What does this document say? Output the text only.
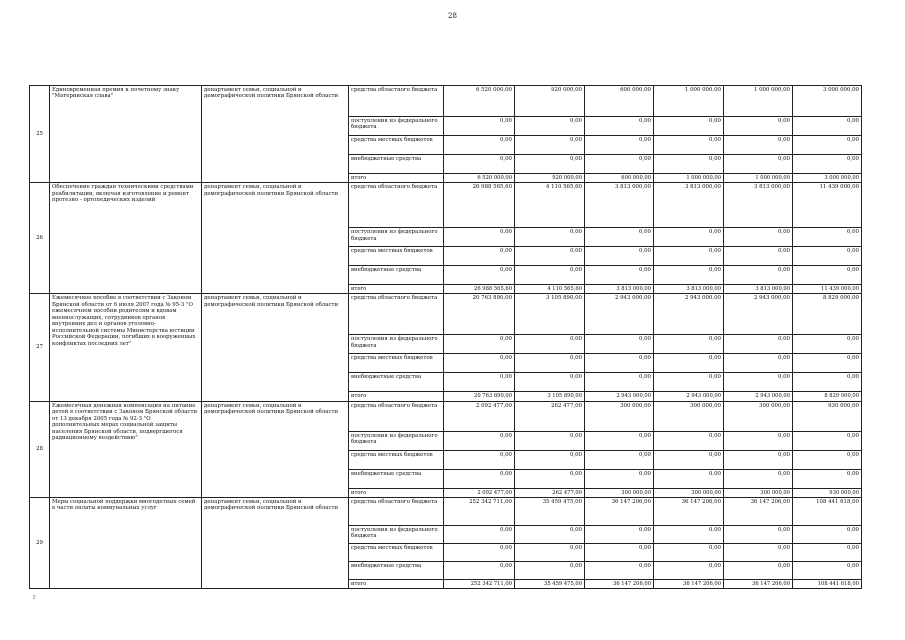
28
25	Единовременная премия к почетному знаку "Материнская слава"	департамент семьи, социальной и демографической политики Брянской области	средства областного бюджета	6 520 000,00	920 000,00	600 000,00	1 000 000,00	1 000 000,00	3 000 000,00
			поступления из федерального бюджета	0,00	0,00	0,00	0,00	0,00	0,00
			средства местных бюджетов	0,00	0,00	0,00	0,00	0,00	0,00
			внебюджетные средства	0,00	0,00	0,00	0,00	0,00	0,00
			итого	6 520 000,00	920 000,00	600 000,00	1 000 000,00	1 000 000,00	3 000 000,00
26	Обеспечение граждан техническими средствами реабилитации, включая изготовление и ремонт протезно - ортопедических изделий	департамент семьи, социальной и демографической политики Брянской области	средства областного бюджета	26 988 565,60	4 110 565,60	3 813 000,00	3 813 000,00	3 813 000,00	11 439 000,00
			поступления из федерального бюджета	0,00	0,00	0,00	0,00	0,00	0,00
			средства местных бюджетов	0,00	0,00	0,00	0,00	0,00	0,00
			внебюджетные средства	0,00	0,00	0,00	0,00	0,00	0,00
			итого	26 988 565,60	4 110 565,60	3 813 000,00	3 813 000,00	3 813 000,00	11 439 000,00
27	Ежемесячное пособие в соответствии с Законом Брянской области от 6 июля 2007 года № 95-З "О ежемесячном пособии родителям и вдовам военнослужащих, сотрудников органов внутренних дел и органов уголовно-исполнительной системы Министерства юстиции Российской Федерации, погибших в вооруженных конфликтах последних лет"	департамент семьи, социальной и демографической политики Брянской области	средства областного бюджета	20 763 890,00	3 105 890,00	2 943 000,00	2 943 000,00	2 943 000,00	8 829 000,00
			поступления из федерального бюджета	0,00	0,00	0,00	0,00	0,00	0,00
			средства местных бюджетов	0,00	0,00	0,00	0,00	0,00	0,00
			внебюджетные средства	0,00	0,00	0,00	0,00	0,00	0,00
			итого	20 763 890,00	3 105 890,00	2 943 000,00	2 943 000,00	2 943 000,00	8 829 000,00
28	Ежемесячная денежная компенсация на питание детей в соответствии с Законом Брянской области от 13 декабря 2005 года № 92-З "О дополнительных мерах социальной защиты населения Брянской области, подвергшегося радиационному воздействию"	департамент семьи, социальной и демографической политики Брянской области	средства областного бюджета	2 092 477,00	262 477,00	300 000,00	300 000,00	300 000,00	930 000,00
			поступления из федерального бюджета	0,00	0,00	0,00	0,00	0,00	0,00
			средства местных бюджетов	0,00	0,00	0,00	0,00	0,00	0,00
			внебюджетные средства	0,00	0,00	0,00	0,00	0,00	0,00
			итого	2 092 477,00	262 477,00	300 000,00	300 000,00	300 000,00	930 000,00
29	Меры социальной поддержки многодетных семей в части оплаты коммунальных услуг	департамент семьи, социальной и демографической политики Брянской области	средства областного бюджета	252 342 711,00	35 459 475,00	36 147 206,00	36 147 206,00	36 147 206,00	108 441 618,00
			поступления из федерального бюджета	0,00	0,00	0,00	0,00	0,00	0,00
			средства местных бюджетов	0,00	0,00	0,00	0,00	0,00	0,00
			внебюджетные средства	0,00	0,00	0,00	0,00	0,00	0,00
			итого	252 342 711,00	35 459 475,00	36 147 206,00	36 147 206,00	36 147 206,00	108 441 618,00
г
